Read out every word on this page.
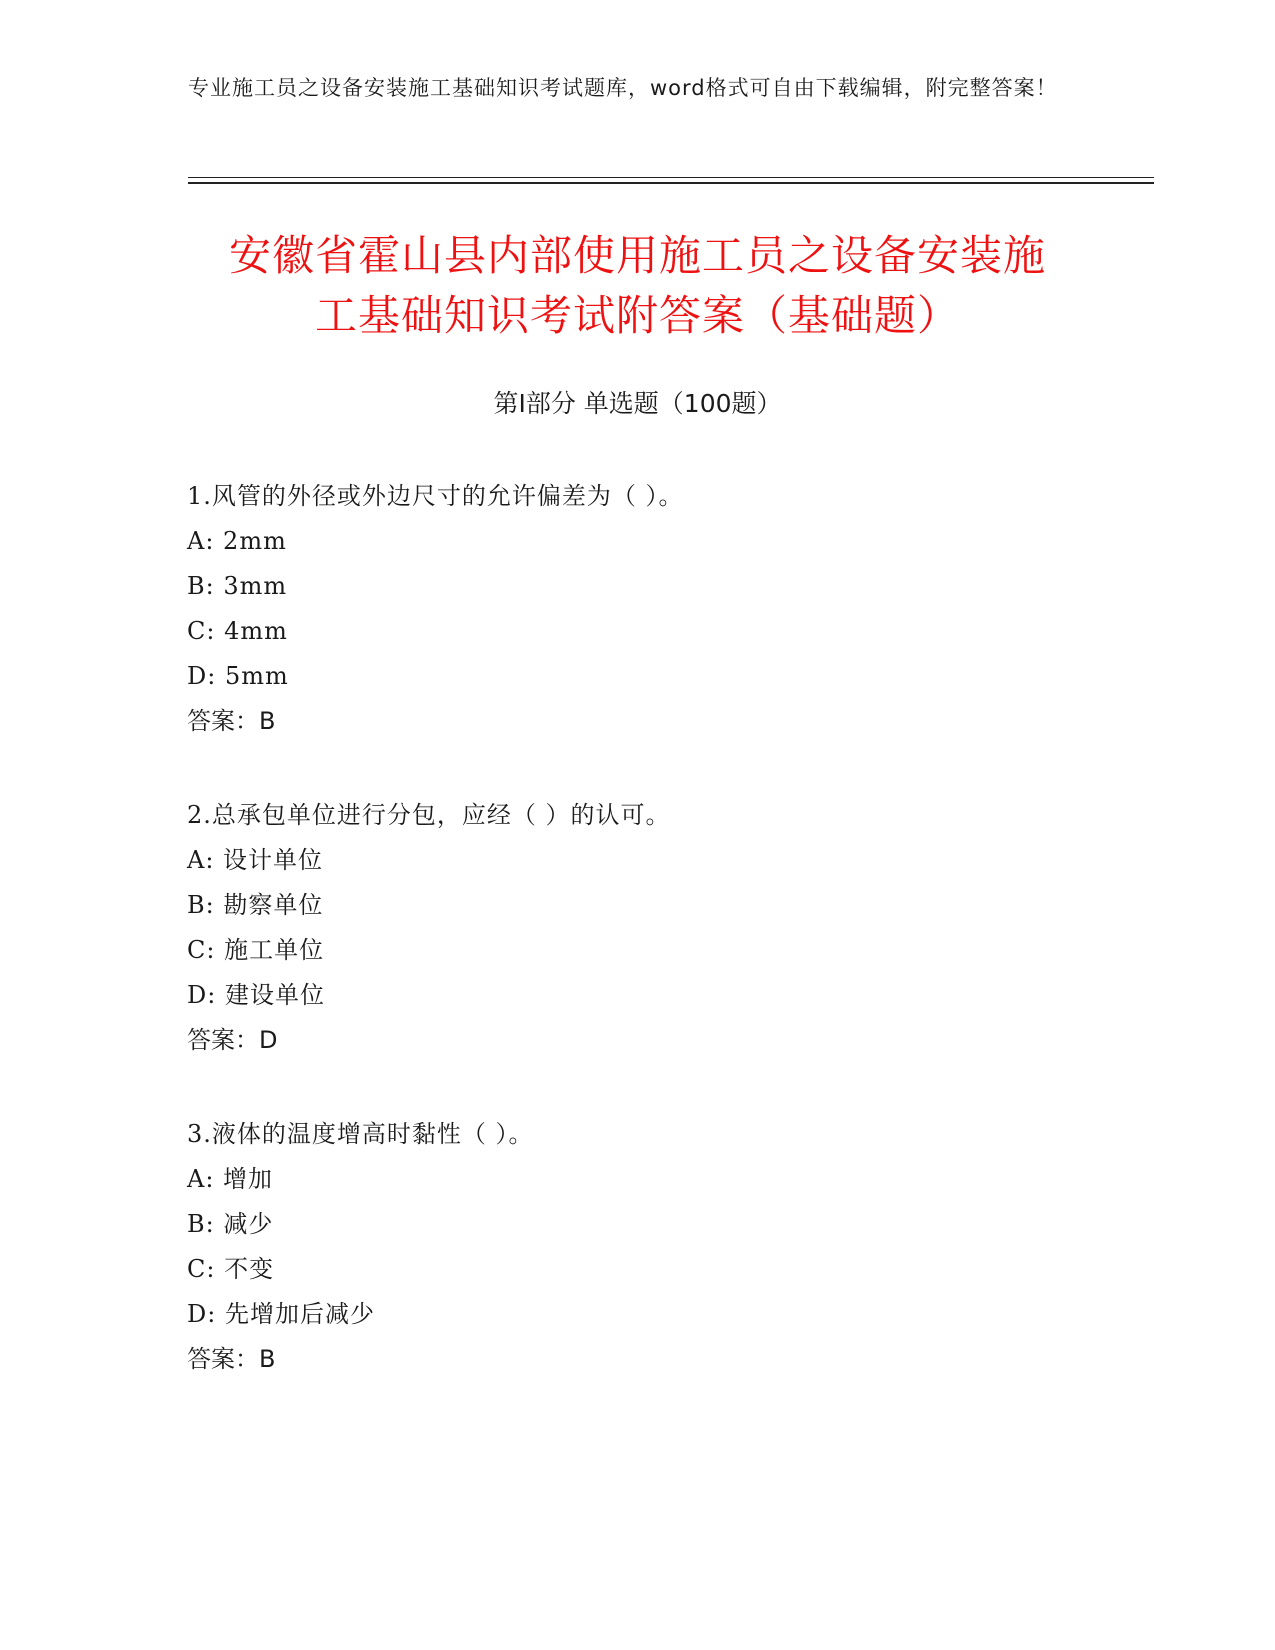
专业施工员之设备安装施工基础知识考试题库，word格式可自由下载编辑，附完整答案！
安徽省霍山县内部使用施工员之设备安装施
工基础知识考试附答案（基础题）
第Ⅰ部分 单选题（100题）
1.风管的外径或外边尺寸的允许偏差为（ ）。
A: 2mm
B: 3mm
C: 4mm
D: 5mm
答案：B
2.总承包单位进行分包，应经（ ）的认可。
A: 设计单位
B: 勘察单位
C: 施工单位
D: 建设单位
答案：D
3.液体的温度增高时黏性（ ）。
A: 增加
B: 减少
C: 不变
D: 先增加后减少
答案：B
